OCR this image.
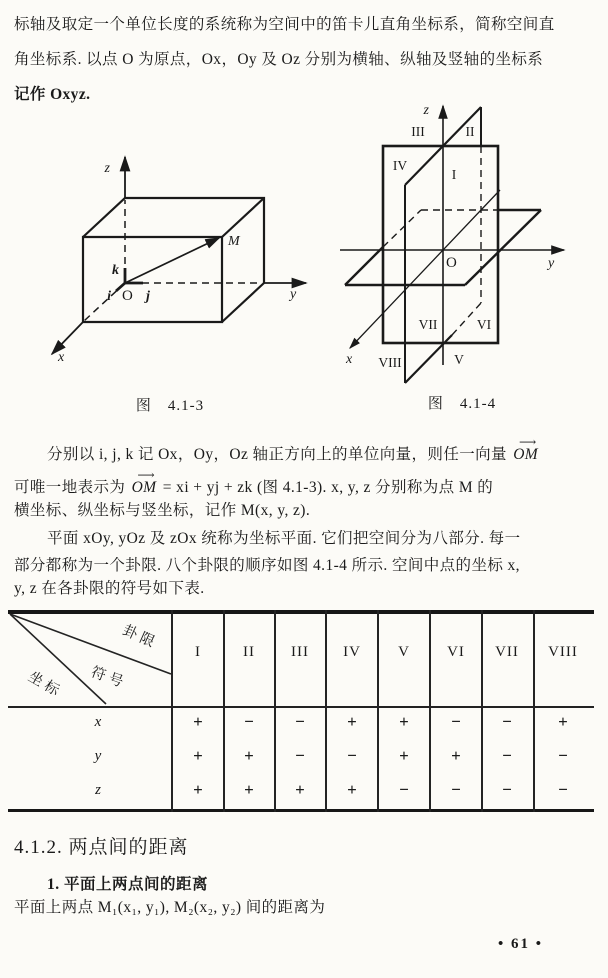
标轴及取定一个单位长度的系统称为空间中的笛卡儿直角坐标系，简称空间直
角坐标系. 以点 O 为原点，Ox，Oy 及 Oz 分别为横轴、纵轴及竖轴的坐标系
记作 Oxyz.
z
k
i O j
M
y
x
图　4.1-3
z
y
x
O
III	II
IV
I
VII	VI
V
VIII
图　4.1-4
分别以 i, j, k 记 Ox，Oy，Oz 轴正方向上的单位向量，则任一向量
⟶
OM
可唯一地表示为
⟶
OM = xi + yj + zk (图 4.1-3). x, y, z 分别称为点 M 的
横坐标、纵坐标与竖坐标，记作 M(x, y, z).
平面 xOy, yOz 及 zOx 统称为坐标平面. 它们把空间分为八部分. 每一
部分都称为一个卦限. 八个卦限的顺序如图 4.1-4 所示. 空间中点的坐标 x,
y, z 在各卦限的符号如下表.
卦限
符号
坐标
I	II	III	IV	V	VI	VII	VIII
x	+	−	−	+	+	−	−	+
y	+	+	−	−	+	+	−	−
z	+	+	+	+	−	−	−	−
4.1.2. 两点间的距离
1. 平面上两点间的距离
平面上两点 M₁(x₁, y₁), M₂(x₂, y₂) 间的距离为
• 61 •
